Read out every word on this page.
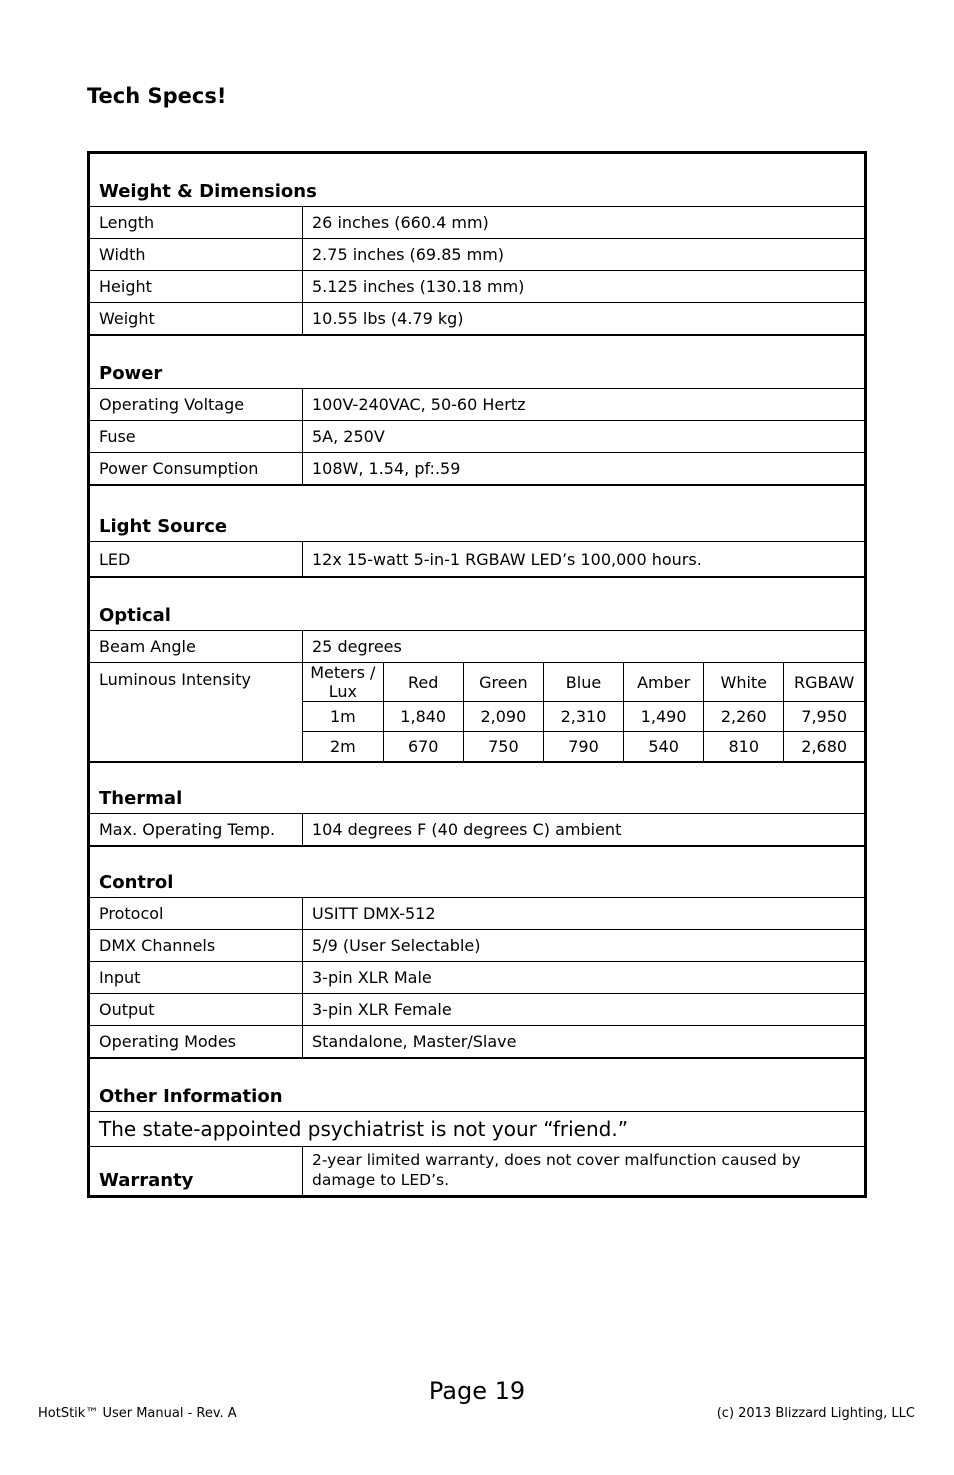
Tech Specs!
Weight & Dimensions
Length	26 inches (660.4 mm)
Width	2.75 inches (69.85 mm)
Height	5.125 inches (130.18 mm)
Weight	10.55 lbs (4.79 kg)
Power
Operating Voltage	100V-240VAC, 50-60 Hertz
Fuse	5A, 250V
Power Consumption	108W, 1.54, pf:.59
Light Source
LED	12x 15-watt 5-in-1 RGBAW LED’s 100,000 hours.
Optical
Beam Angle	25 degrees
Luminous Intensity		Meters / Lux	Red	Green	Blue	Amber	White	RGBAW
1m	1,840	2,090	2,310	1,490	2,260	7,950
2m	670	750	790	540	810	2,680

Thermal
Max. Operating Temp.	104 degrees F (40 degrees C) ambient
Control
Protocol	USITT DMX-512
DMX Channels	5/9 (User Selectable)
Input	3-pin XLR Male
Output	3-pin XLR Female
Operating Modes	Standalone, Master/Slave
Other Information
The state-appointed psychiatrist is not your “friend.”
Warranty	2-year limited warranty, does not cover malfunction caused by damage to LED’s.
Page 19
HotStik™ User Manual - Rev. A	(c) 2013 Blizzard Lighting, LLC
